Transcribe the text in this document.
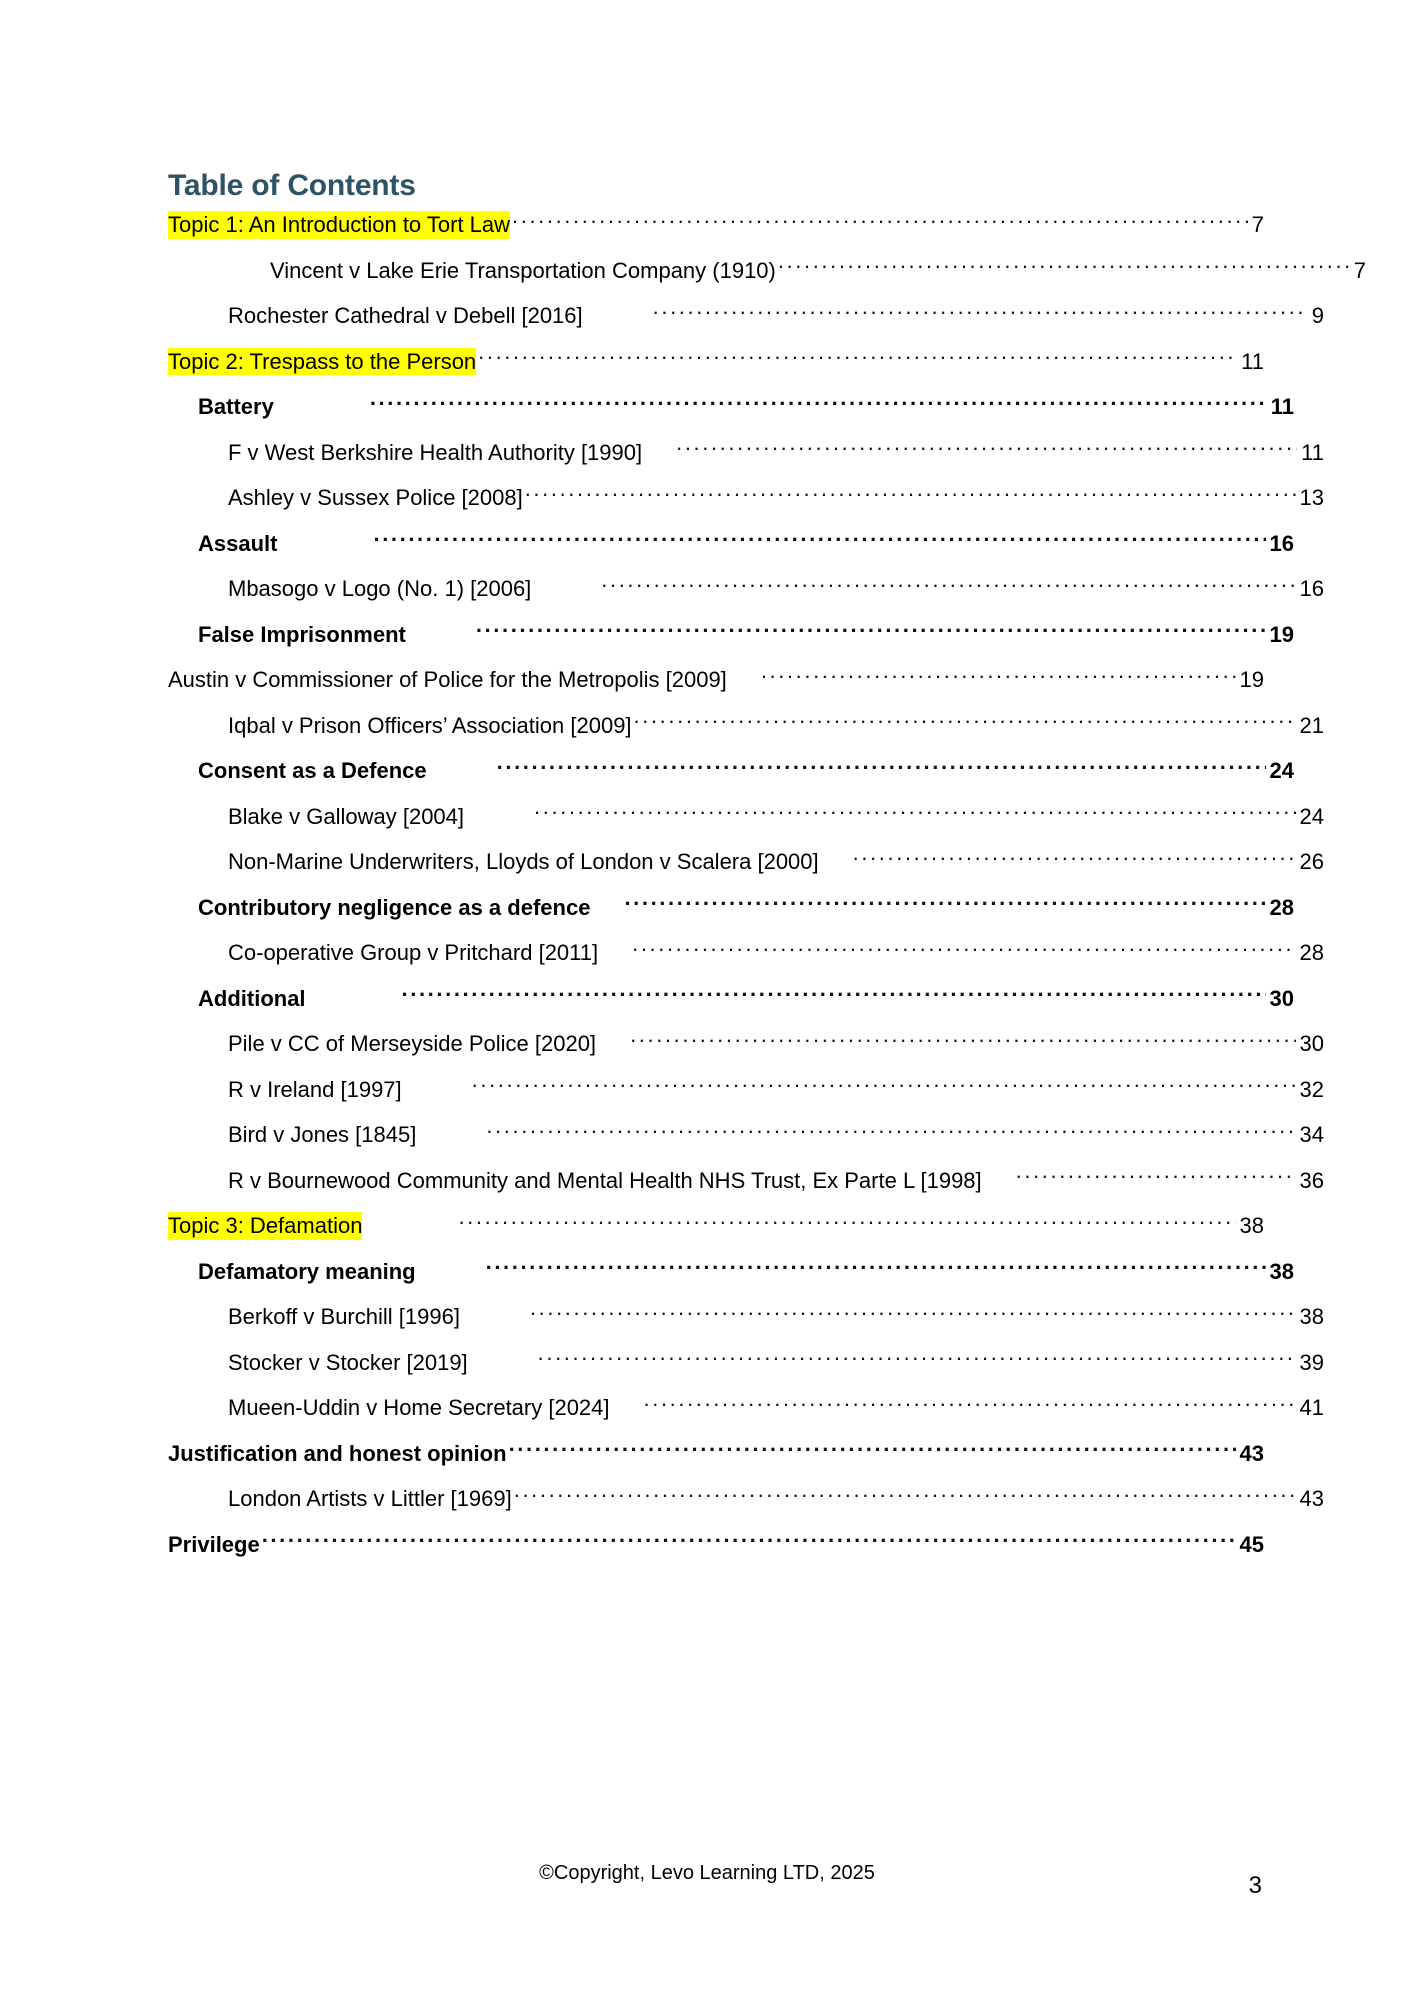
Table of Contents
Topic 1: An Introduction to Tort Law .....	7
Vincent v Lake Erie Transportation Company (1910) .....	7
Rochester Cathedral v Debell [2016] .....	9
Topic 2: Trespass to the Person .....	11
Battery .....	11
F v West Berkshire Health Authority [1990] .....	11
Ashley v Sussex Police [2008] .....	13
Assault .....	16
Mbasogo v Logo (No. 1) [2006] .....	16
False Imprisonment .....	19
Austin v Commissioner of Police for the Metropolis [2009] .....	19
Iqbal v Prison Officers’ Association [2009] .....	21
Consent as a Defence .....	24
Blake v Galloway [2004] .....	24
Non-Marine Underwriters, Lloyds of London v Scalera [2000] .....	26
Contributory negligence as a defence .....	28
Co-operative Group v Pritchard [2011] .....	28
Additional .....	30
Pile v CC of Merseyside Police [2020] .....	30
R v Ireland [1997] .....	32
Bird v Jones [1845] .....	34
R v Bournewood Community and Mental Health NHS Trust, Ex Parte L [1998] .....	36
Topic 3: Defamation .....	38
Defamatory meaning .....	38
Berkoff v Burchill [1996] .....	38
Stocker v Stocker [2019] .....	39
Mueen-Uddin v Home Secretary [2024] .....	41
Justification and honest opinion .....	43
London Artists v Littler [1969] .....	43
Privilege .....	45
©Copyright, Levo Learning LTD, 2025	3
